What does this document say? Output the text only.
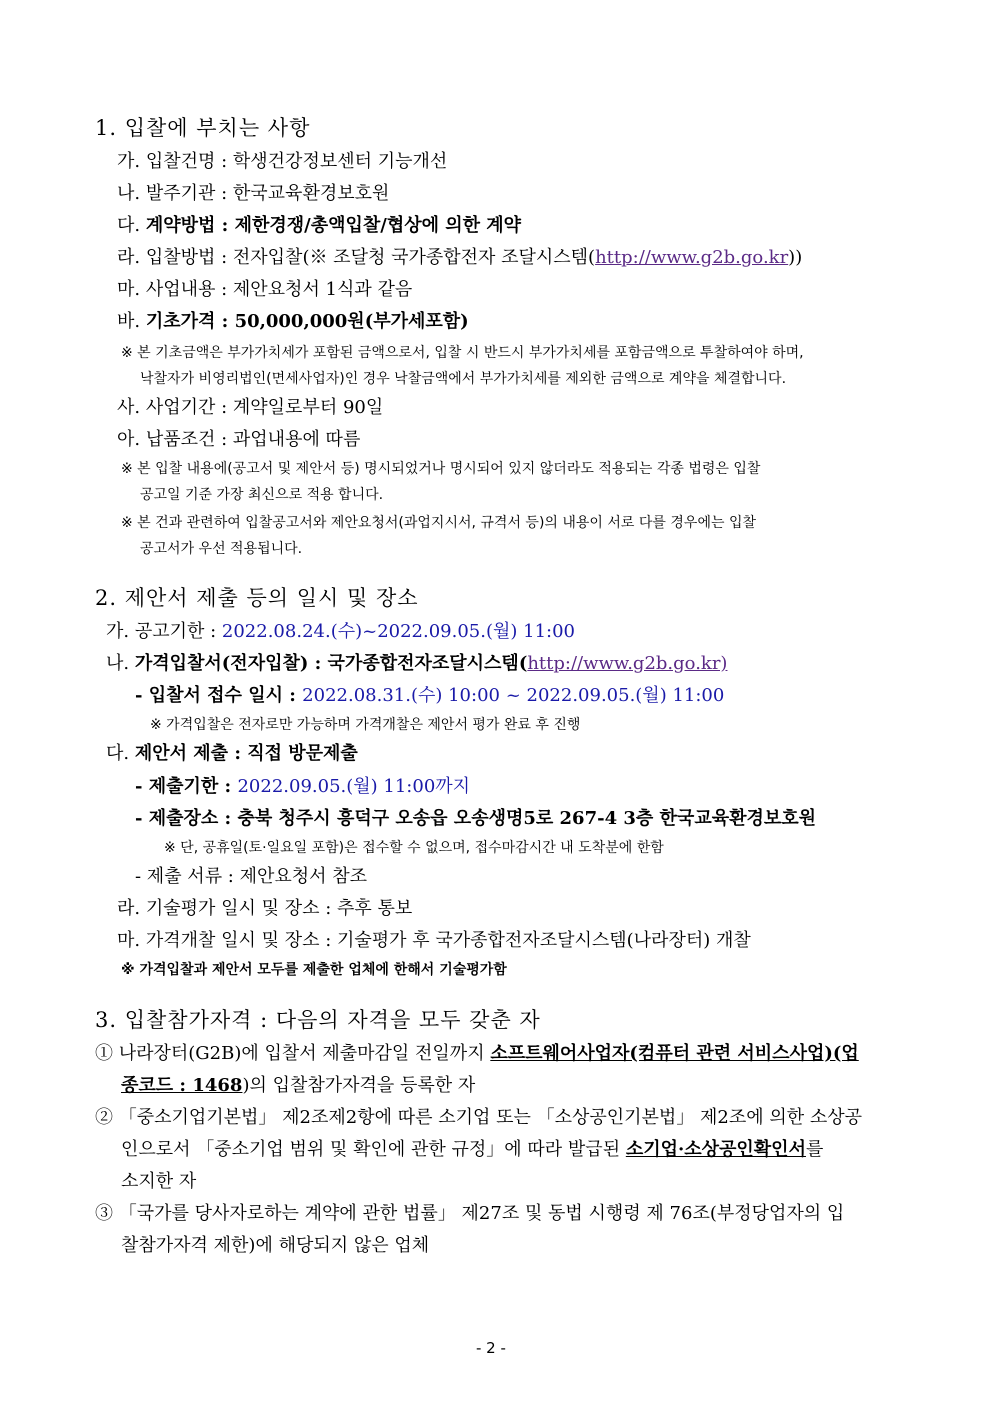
1. 입찰에 부치는 사항
가. 입찰건명 : 학생건강정보센터 기능개선
나. 발주기관 : 한국교육환경보호원
다. 계약방법 : 제한경쟁/총액입찰/협상에 의한 계약
라. 입찰방법 : 전자입찰(※ 조달청 국가종합전자 조달시스템(http://www.g2b.go.kr))
마. 사업내용 : 제안요청서 1식과 같음
바. 기초가격 : 50,000,000원(부가세포함)
※ 본 기초금액은 부가가치세가 포함된 금액으로서, 입찰 시 반드시 부가가치세를 포함금액으로 투찰하여야 하며,
낙찰자가 비영리법인(면세사업자)인 경우 낙찰금액에서 부가가치세를 제외한 금액으로 계약을 체결합니다.
사. 사업기간 : 계약일로부터 90일
아. 납품조건 : 과업내용에 따름
※ 본 입찰 내용에(공고서 및 제안서 등) 명시되었거나 명시되어 있지 않더라도 적용되는 각종 법령은 입찰
공고일 기준 가장 최신으로 적용 합니다.
※ 본 건과 관련하여 입찰공고서와 제안요청서(과업지시서, 규격서 등)의 내용이 서로 다를 경우에는 입찰
공고서가 우선 적용됩니다.
2. 제안서 제출 등의 일시 및 장소
가. 공고기한 : 2022.08.24.(수)~2022.09.05.(월) 11:00
나. 가격입찰서(전자입찰) : 국가종합전자조달시스템(http://www.g2b.go.kr)
- 입찰서 접수 일시 : 2022.08.31.(수) 10:00 ~ 2022.09.05.(월) 11:00
※ 가격입찰은 전자로만 가능하며 가격개찰은 제안서 평가 완료 후 진행
다. 제안서 제출 : 직접 방문제출
- 제출기한 : 2022.09.05.(월) 11:00까지
- 제출장소 : 충북 청주시 흥덕구 오송읍 오송생명5로 267-4 3층 한국교육환경보호원
※ 단, 공휴일(토·일요일 포함)은 접수할 수 없으며, 접수마감시간 내 도착분에 한함
- 제출 서류 : 제안요청서 참조
라. 기술평가 일시 및 장소 : 추후 통보
마. 가격개찰 일시 및 장소 : 기술평가 후 국가종합전자조달시스템(나라장터) 개찰
※ 가격입찰과 제안서 모두를 제출한 업체에 한해서 기술평가함
3. 입찰참가자격 : 다음의 자격을 모두 갖춘 자
① 나라장터(G2B)에 입찰서 제출마감일 전일까지 소프트웨어사업자(컴퓨터 관련 서비스사업)(업
종코드 : 1468)의 입찰참가자격을 등록한 자
② 「중소기업기본법」 제2조제2항에 따른 소기업 또는 「소상공인기본법」 제2조에 의한 소상공
인으로서 「중소기업 범위 및 확인에 관한 규정」에 따라 발급된 소기업·소상공인확인서를
소지한 자
③ 「국가를 당사자로하는 계약에 관한 법률」 제27조 및 동법 시행령 제 76조(부정당업자의 입
찰참가자격 제한)에 해당되지 않은 업체
- 2 -
